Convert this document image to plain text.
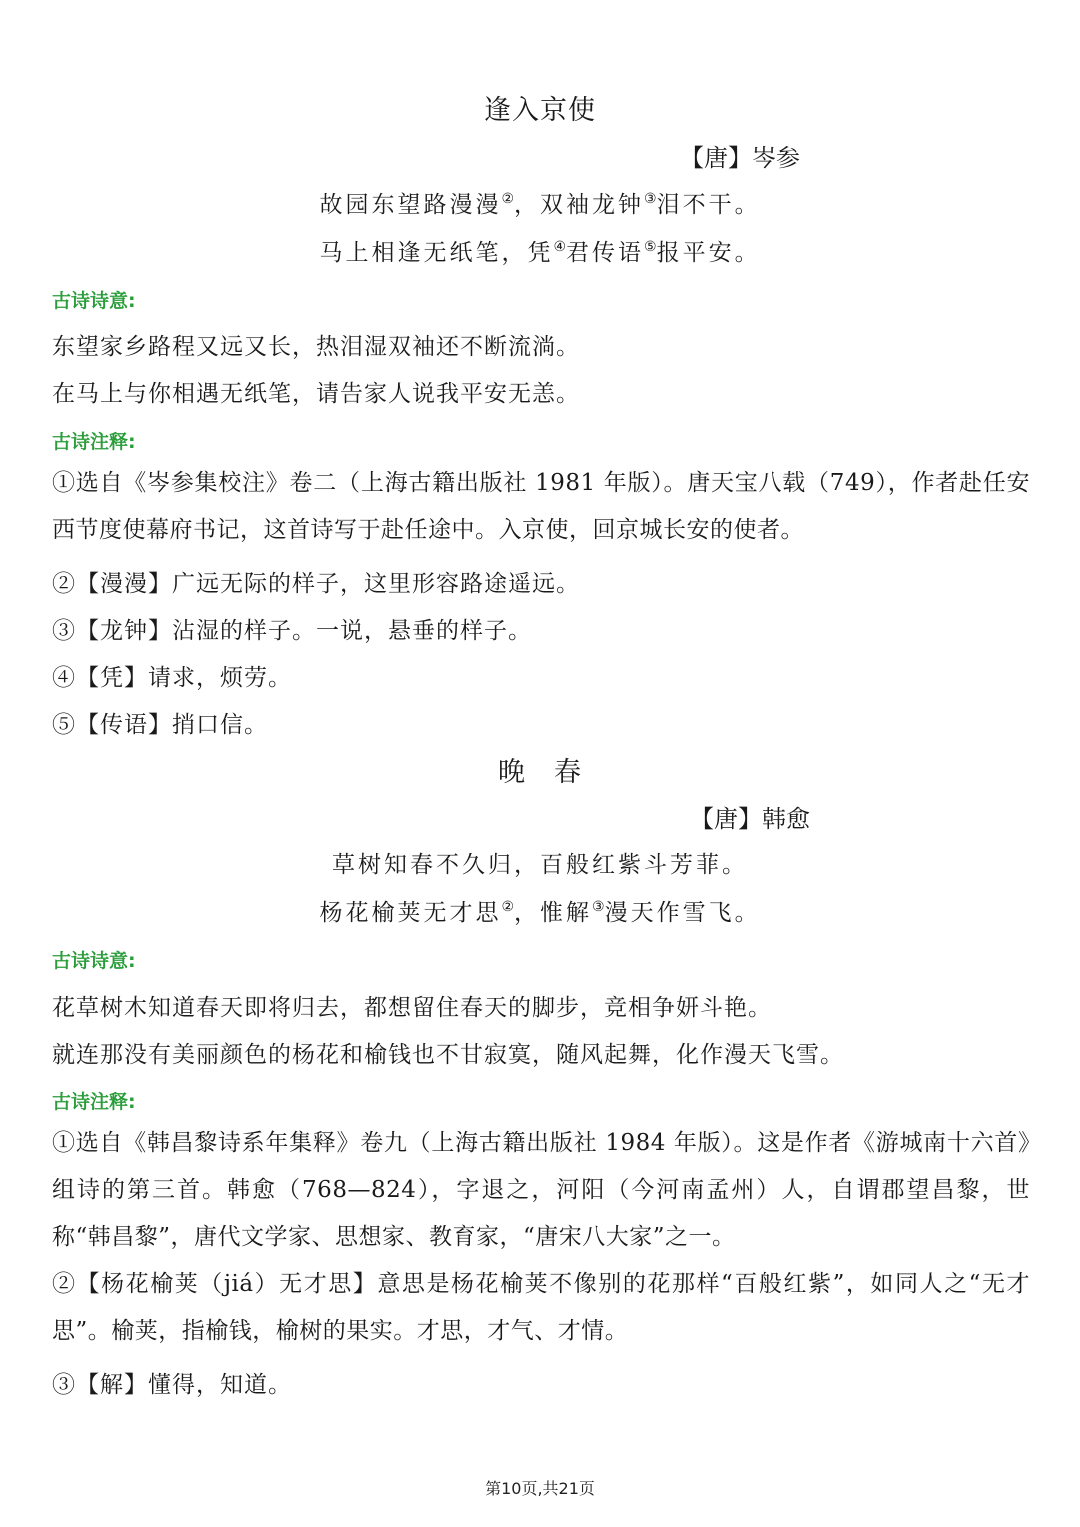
逢入京使
【唐】岑参
故园东望路漫漫②，双袖龙钟③泪不干。
马上相逢无纸笔，凭④君传语⑤报平安。
古诗诗意:
东望家乡路程又远又长，热泪湿双袖还不断流淌。
在马上与你相遇无纸笔，请告家人说我平安无恙。
古诗注释:
①选自《岑参集校注》卷二（上海古籍出版社 1981 年版）。唐天宝八载（749），作者赴任安西节度使幕府书记，这首诗写于赴任途中。入京使，回京城长安的使者。
②【漫漫】广远无际的样子，这里形容路途遥远。
③【龙钟】沾湿的样子。一说，悬垂的样子。
④【凭】请求，烦劳。
⑤【传语】捎口信。
晚　春
【唐】韩愈
草树知春不久归，百般红紫斗芳菲。
杨花榆荚无才思②，惟解③漫天作雪飞。
古诗诗意:
花草树木知道春天即将归去，都想留住春天的脚步，竞相争妍斗艳。
就连那没有美丽颜色的杨花和榆钱也不甘寂寞，随风起舞，化作漫天飞雪。
古诗注释:
①选自《韩昌黎诗系年集释》卷九（上海古籍出版社 1984 年版）。这是作者《游城南十六首》组诗的第三首。韩愈（768—824），字退之，河阳（今河南孟州）人，自谓郡望昌黎，世称“韩昌黎”，唐代文学家、思想家、教育家，“唐宋八大家”之一。
②【杨花榆荚（jiá）无才思】意思是杨花榆荚不像别的花那样“百般红紫”，如同人之“无才思”。榆荚，指榆钱，榆树的果实。才思，才气、才情。
③【解】懂得，知道。
第10页,共21页
